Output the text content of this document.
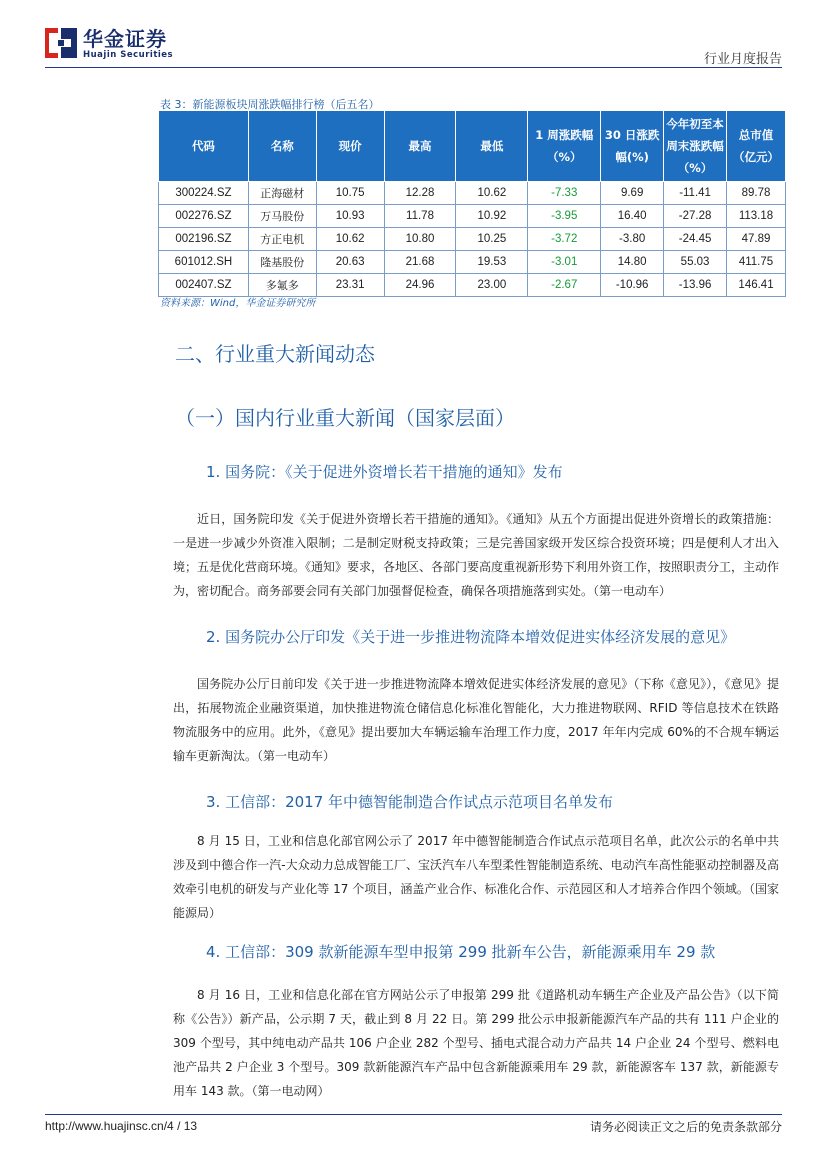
华金证券
Huajin Securities	行业月度报告
表 3：新能源板块周涨跌幅排行榜（后五名）
代码	名称	现价	最高	最低	1 周涨跌幅（%）	30 日涨跌幅(%)	今年初至本周末涨跌幅（%）	总市值（亿元）
300224.SZ	正海磁材	10.75	12.28	10.62	-7.33	9.69	-11.41	89.78
002276.SZ	万马股份	10.93	11.78	10.92	-3.95	16.40	-27.28	113.18
002196.SZ	方正电机	10.62	10.80	10.25	-3.72	-3.80	-24.45	47.89
601012.SH	隆基股份	20.63	21.68	19.53	-3.01	14.80	55.03	411.75
002407.SZ	多氟多	23.31	24.96	23.00	-2.67	-10.96	-13.96	146.41
资料来源：Wind，华金证券研究所
二、行业重大新闻动态
（一）国内行业重大新闻（国家层面）
1. 国务院：《关于促进外资增长若干措施的通知》发布
近日，国务院印发《关于促进外资增长若干措施的通知》。《通知》从五个方面提出促进外资增长的政策措施：一是进一步减少外资准入限制；二是制定财税支持政策；三是完善国家级开发区综合投资环境；四是便利人才出入境；五是优化营商环境。《通知》要求，各地区、各部门要高度重视新形势下利用外资工作，按照职责分工，主动作为，密切配合。商务部要会同有关部门加强督促检查，确保各项措施落到实处。（第一电动车）
2. 国务院办公厅印发《关于进一步推进物流降本增效促进实体经济发展的意见》
国务院办公厅日前印发《关于进一步推进物流降本增效促进实体经济发展的意见》（下称《意见》），《意见》提出，拓展物流企业融资渠道，加快推进物流仓储信息化标准化智能化，大力推进物联网、RFID 等信息技术在铁路物流服务中的应用。此外，《意见》提出要加大车辆运输车治理工作力度，2017 年年内完成 60%的不合规车辆运输车更新淘汰。（第一电动车）
3. 工信部：2017 年中德智能制造合作试点示范项目名单发布
8 月 15 日，工业和信息化部官网公示了 2017 年中德智能制造合作试点示范项目名单，此次公示的名单中共涉及到中德合作一汽-大众动力总成智能工厂、宝沃汽车八车型柔性智能制造系统、电动汽车高性能驱动控制器及高效牵引电机的研发与产业化等 17 个项目，涵盖产业合作、标准化合作、示范园区和人才培养合作四个领域。（国家能源局）
4. 工信部：309 款新能源车型申报第 299 批新车公告，新能源乘用车 29 款
8 月 16 日，工业和信息化部在官方网站公示了申报第 299 批《道路机动车辆生产企业及产品公告》（以下简称《公告》）新产品，公示期 7 天，截止到 8 月 22 日。第 299 批公示申报新能源汽车产品的共有 111 户企业的 309 个型号，其中纯电动产品共 106 户企业 282 个型号、插电式混合动力产品共 14 户企业 24 个型号、燃料电池产品共 2 户企业 3 个型号。309 款新能源汽车产品中包含新能源乘用车 29 款，新能源客车 137 款，新能源专用车 143 款。（第一电动网）
http://www.huajinsc.cn/4 / 13	请务必阅读正文之后的免责条款部分
